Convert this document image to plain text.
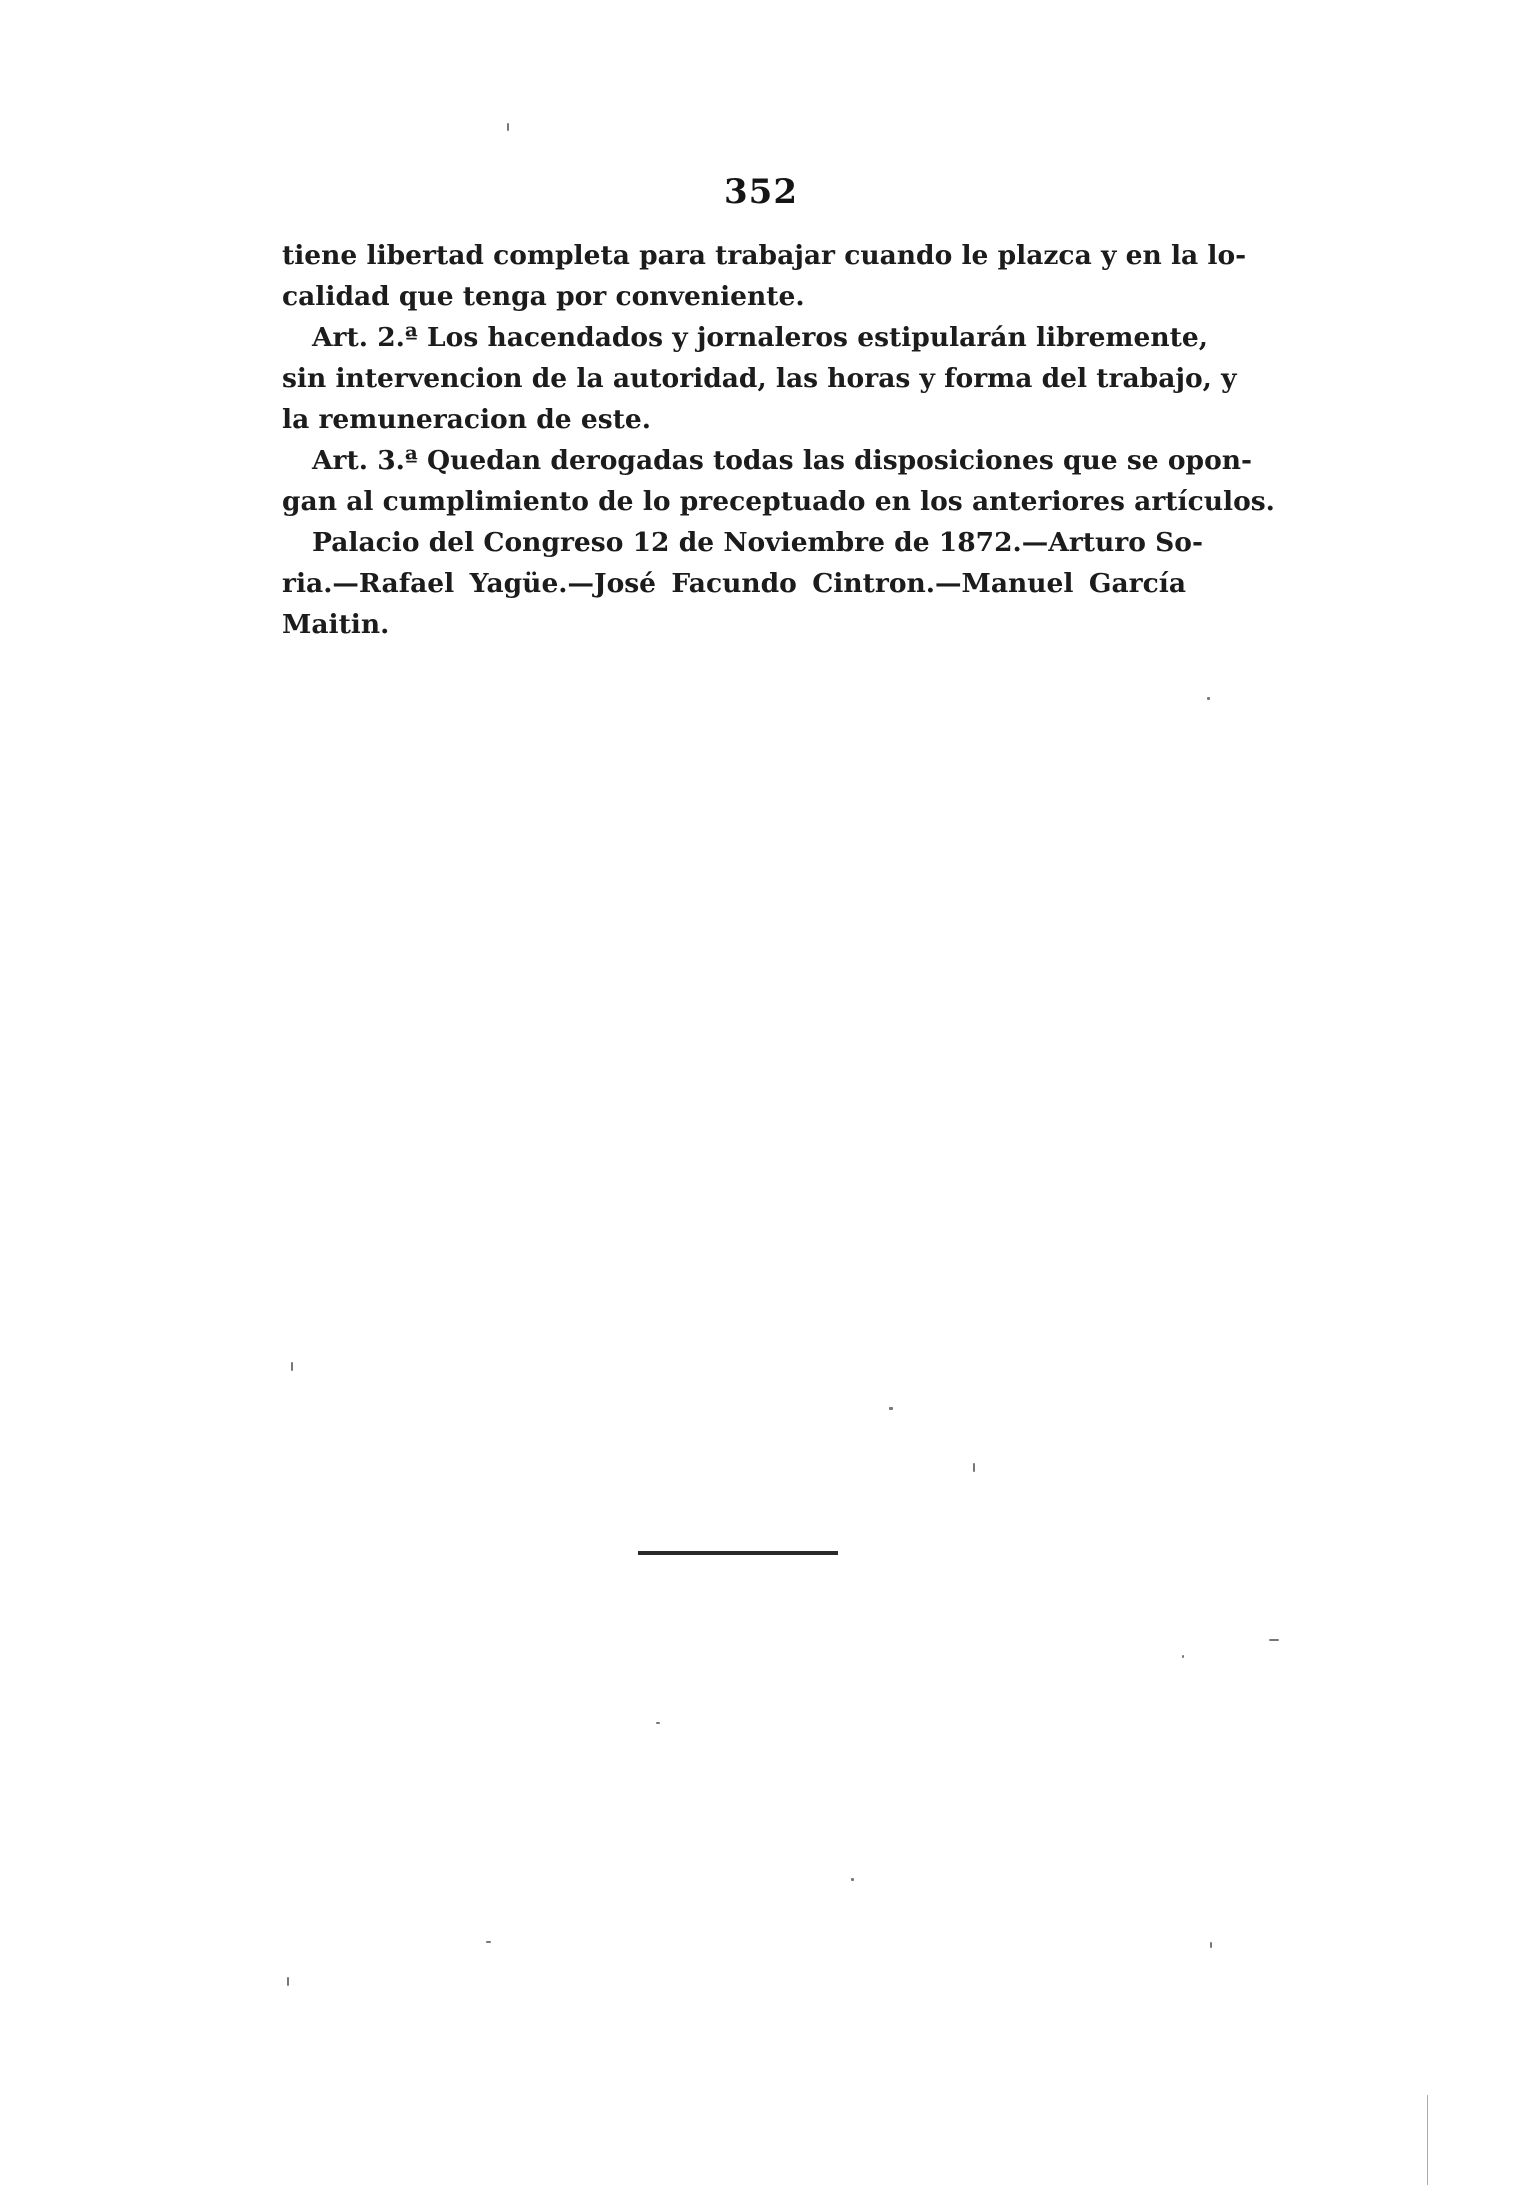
352
tiene libertad completa para trabajar cuando le plazca y en la lo-
calidad que tenga por conveniente.
Art. 2.ª Los hacendados y jornaleros estipularán libremente,
sin intervencion de la autoridad, las horas y forma del trabajo, y
la remuneracion de este.
Art. 3.ª Quedan derogadas todas las disposiciones que se opon-
gan al cumplimiento de lo preceptuado en los anteriores artículos.
Palacio del Congreso 12 de Noviembre de 1872.—Arturo So-
ria.—Rafael Yagüe.—José Facundo Cintron.—Manuel García
Maitin.
